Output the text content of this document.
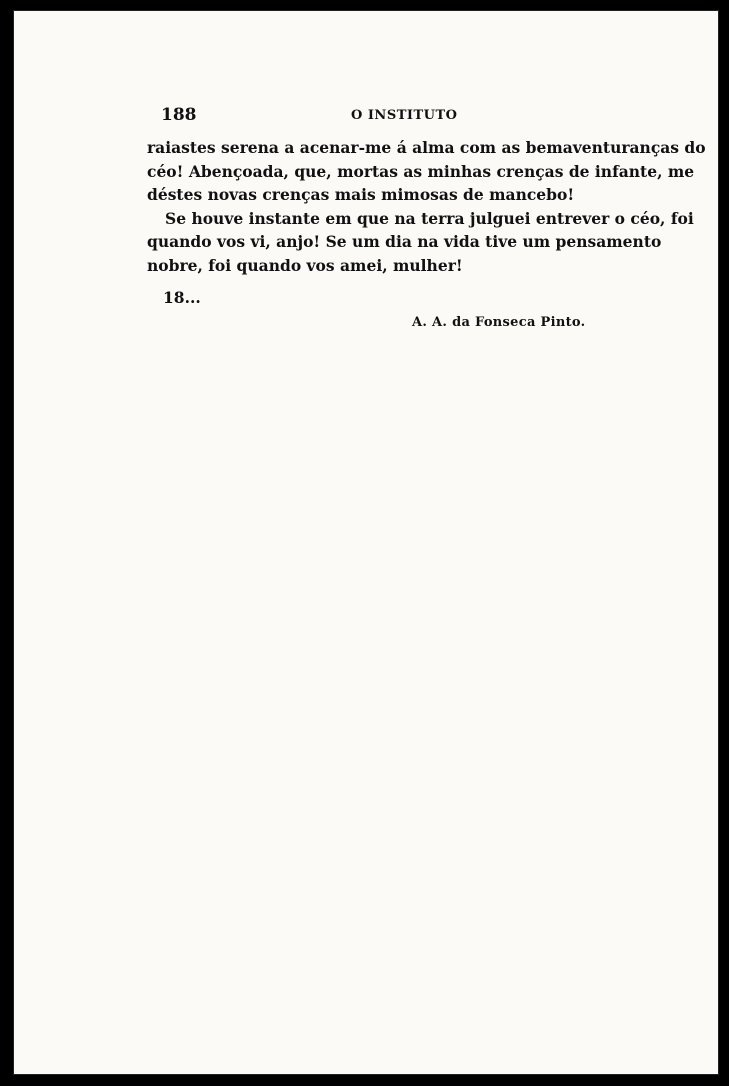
188	O INSTITUTO
raiastes serena a acenar-me á alma com as bemaventuranças do
céo! Abençoada, que, mortas as minhas crenças de infante, me
déstes novas crenças mais mimosas de mancebo!
Se houve instante em que na terra julguei entrever o céo, foi
quando vos vi, anjo! Se um dia na vida tive um pensamento
nobre, foi quando vos amei, mulher!
18...
A. A. da Fonseca Pinto.
